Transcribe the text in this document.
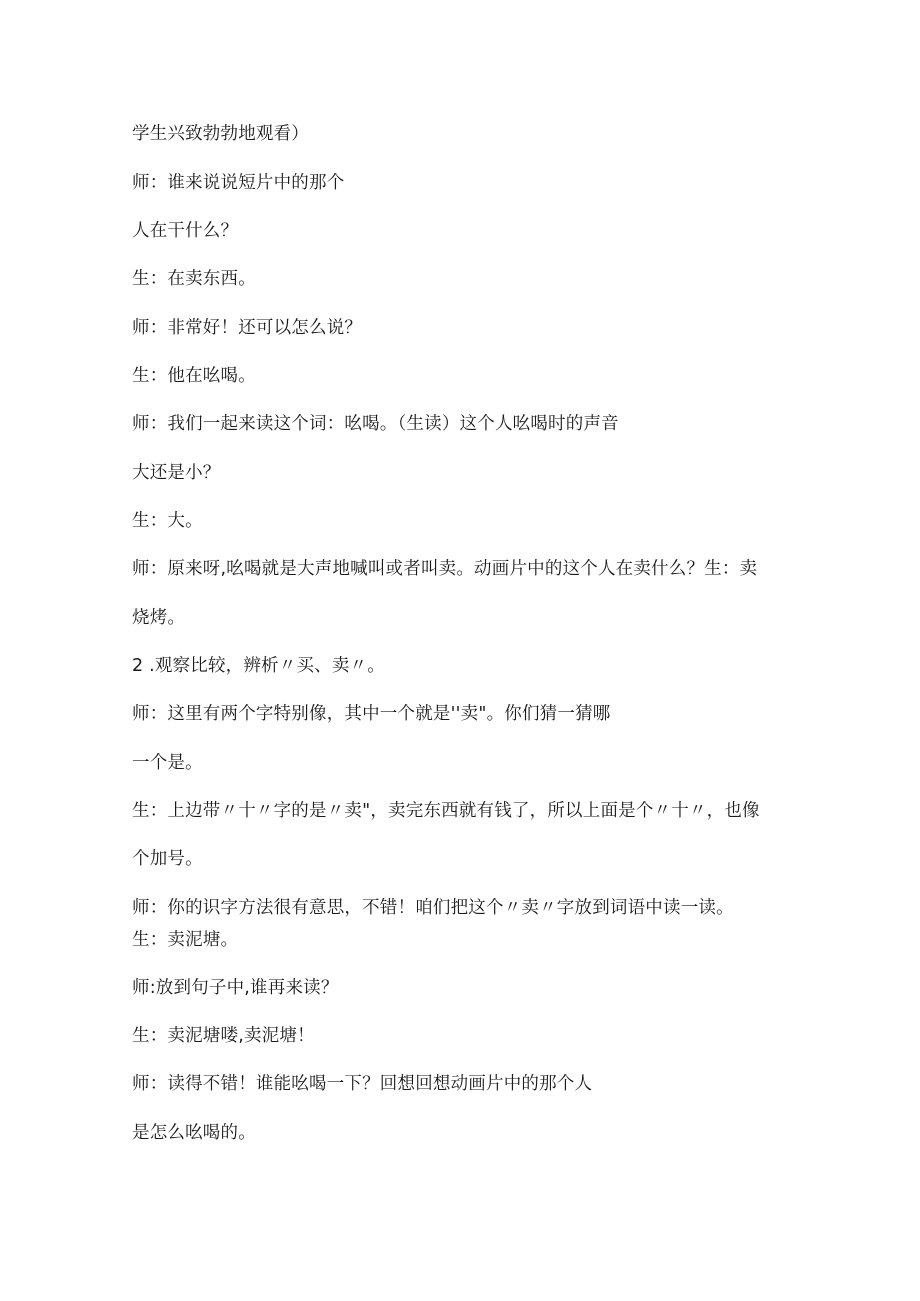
学生兴致勃勃地观看）
师：谁来说说短片中的那个
人在干什么？
生：在卖东西。
师：非常好！还可以怎么说？
生：他在吆喝。
师：我们一起来读这个词：吆喝。（生读）这个人吆喝时的声音
大还是小？
生：大。
师：原来呀,吆喝就是大声地喊叫或者叫卖。动画片中的这个人在卖什么？生：卖
烧烤。
2 .观察比较，辨析〃买、卖〃。
师：这里有两个字特别像，其中一个就是''卖"。你们猜一猜哪
一个是。
生：上边带〃十〃字的是〃卖"，卖完东西就有钱了，所以上面是个〃十〃，也像
个加号。
师：你的识字方法很有意思，不错！咱们把这个〃卖〃字放到词语中读一读。
生：卖泥塘。
师:放到句子中,谁再来读？
生：卖泥塘喽,卖泥塘！
师：读得不错！谁能吆喝一下？回想回想动画片中的那个人
是怎么吆喝的。
